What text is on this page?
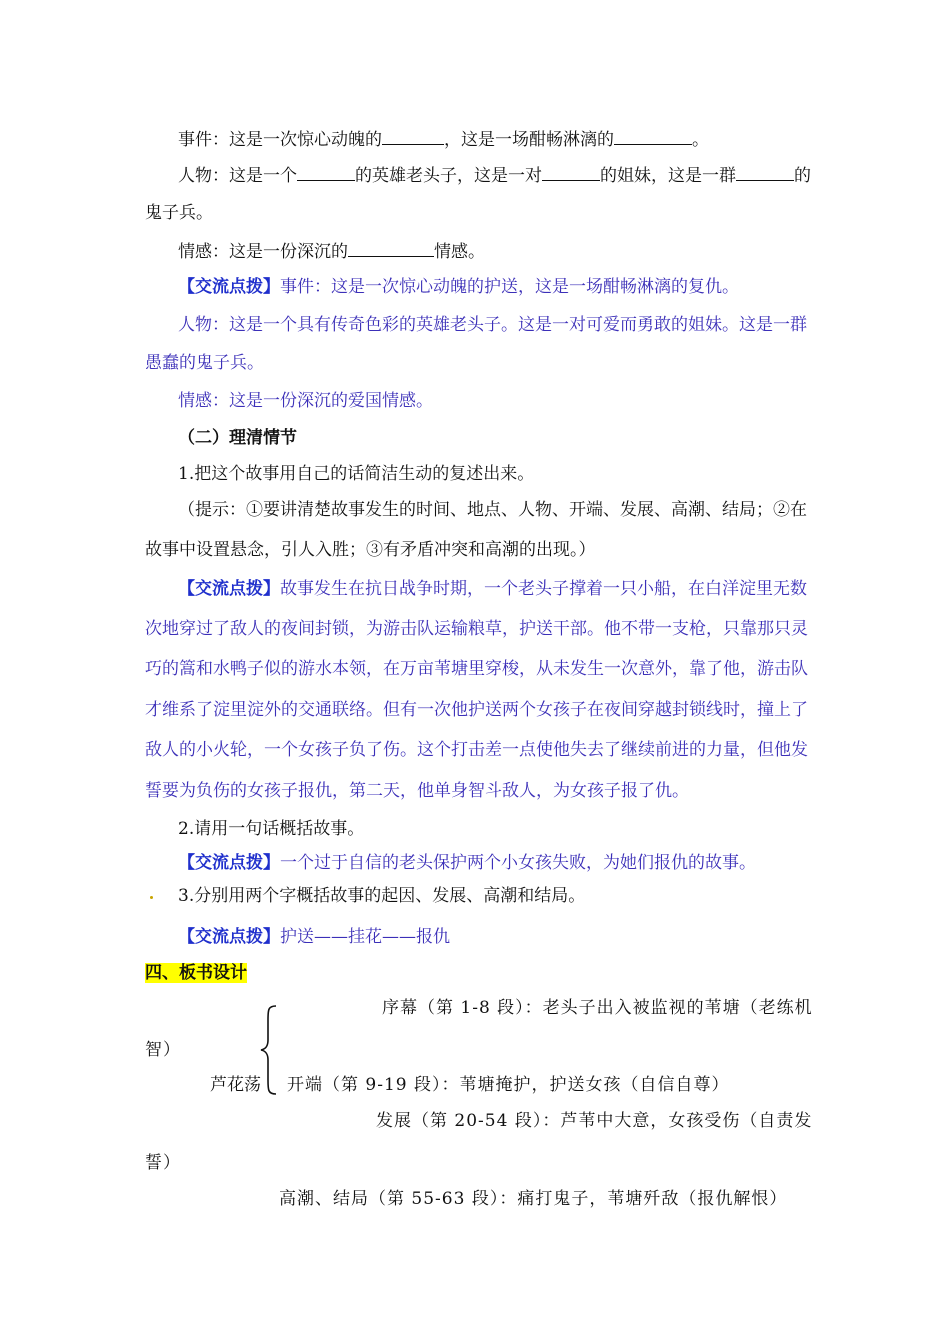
事件：这是一次惊心动魄的	，这是一场酣畅淋漓的	。
人物：这是一个	的英雄老头子，这是一对	的姐妹，这是一群	的
鬼子兵。
情感：这是一份深沉的	情感。
【交流点拨】事件：这是一次惊心动魄的护送，这是一场酣畅淋漓的复仇。
人物：这是一个具有传奇色彩的英雄老头子。这是一对可爱而勇敢的姐妹。这是一群
愚蠢的鬼子兵。
情感：这是一份深沉的爱国情感。
（二）理清情节
1.把这个故事用自己的话简洁生动的复述出来。
（提示：①要讲清楚故事发生的时间、地点、人物、开端、发展、高潮、结局；②在
故事中设置悬念，引人入胜；③有矛盾冲突和高潮的出现。）
【交流点拨】故事发生在抗日战争时期，一个老头子撑着一只小船，在白洋淀里无数
次地穿过了敌人的夜间封锁，为游击队运输粮草，护送干部。他不带一支枪，只靠那只灵
巧的篙和水鸭子似的游水本领，在万亩苇塘里穿梭，从未发生一次意外，靠了他，游击队
才维系了淀里淀外的交通联络。但有一次他护送两个女孩子在夜间穿越封锁线时，撞上了
敌人的小火轮，一个女孩子负了伤。这个打击差一点使他失去了继续前进的力量，但他发
誓要为负伤的女孩子报仇，第二天，他单身智斗敌人，为女孩子报了仇。
2.请用一句话概括故事。
【交流点拨】一个过于自信的老头保护两个小女孩失败，为她们报仇的故事。
3.分别用两个字概括故事的起因、发展、高潮和结局。
【交流点拨】护送——挂花——报仇
四、板书设计
序幕（第 1-8 段）：老头子出入被监视的苇塘（老练机
智）
芦花荡 开端（第 9-19 段）：苇塘掩护，护送女孩（自信自尊）
发展（第 20-54 段）：芦苇中大意，女孩受伤（自责发
誓）
高潮、结局（第 55-63 段）：痛打鬼子，苇塘歼敌（报仇解恨）
